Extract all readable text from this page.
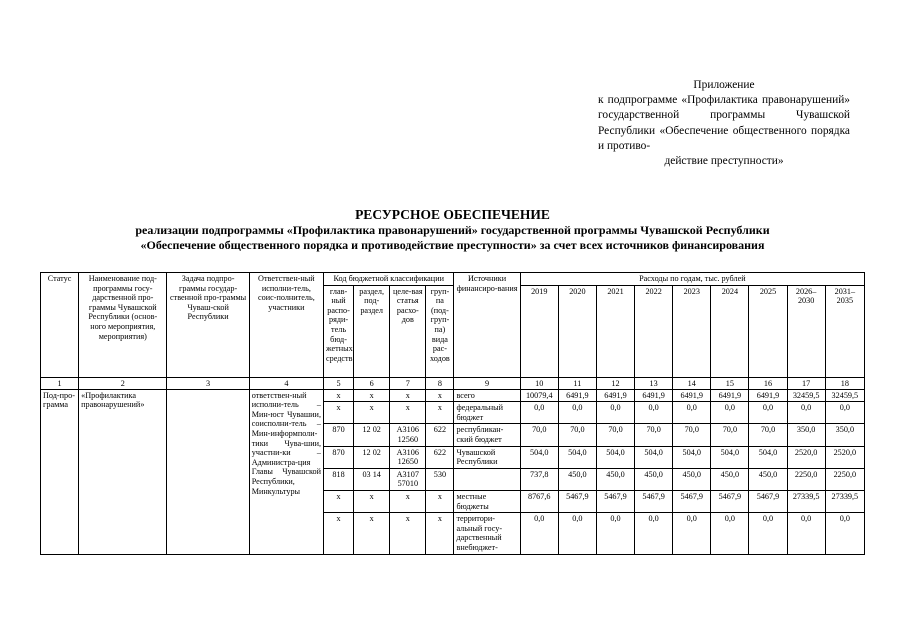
Приложение
к подпрограмме «Профилактика правонарушений» государственной программы Чувашской Республики «Обеспечение общественного порядка и противо-
действие преступности»
РЕСУРСНОЕ ОБЕСПЕЧЕНИЕ
реализации подпрограммы «Профилактика правонарушений» государственной программы Чувашской Республики
«Обеспечение общественного порядка и противодействие преступности» за счет всех источников финансирования
Статус	Наименование под-программы госу-дарственной про-граммы Чувашской Республики (основ-ного мероприятия, мероприятия)	Задача подпро-граммы государ-ственной про-граммы Чуваш-ской Республики	Ответствен-ный исполни-тель, соис-полнитель, участники	Код бюджетной классификации				Источники финансиро-вания	Расходы по годам, тыс. рублей								
				глав-ный распо-ряди-тель бюд-жетных средств	раздел, под-раздел	целе-вая статья расхо-дов	груп-па (под-груп-па) вида рас-ходов		2019	2020	2021	2022	2023	2024	2025	2026–2030	2031–2035
1	2	3	4	5	6	7	8	9	10	11	12	13	14	15	16	17	18
Под-про-грамма	«Профилактика правонарушений»		ответствен-ный исполни-тель – Мин-юст Чувашии, соисполни-тель – Мин-информполи-тики Чува-шии, участни-ки – Администра-ция Главы Чувашской Республики, Минкультуры	x	x	x	x	всего	10079,4	6491,9	6491,9	6491,9	6491,9	6491,9	6491,9	32459,5	32459,5
				x	x	x	x	федеральный бюджет	0,0	0,0	0,0	0,0	0,0	0,0	0,0	0,0	0,0
				870	12 02	А3106 12560	622	республикан-ский бюджет	70,0	70,0	70,0	70,0	70,0	70,0	70,0	350,0	350,0
				870	12 02	А3106 12650	622	Чувашской Республики	504,0	504,0	504,0	504,0	504,0	504,0	504,0	2520,0	2520,0
				818	03 14	А3107 57010	530		737,8	450,0	450,0	450,0	450,0	450,0	450,0	2250,0	2250,0
				x	x	x	x	местные бюджеты	8767,6	5467,9	5467,9	5467,9	5467,9	5467,9	5467,9	27339,5	27339,5
				x	x	x	x	территори-альный госу-дарственный внебюджет-	0,0	0,0	0,0	0,0	0,0	0,0	0,0	0,0	0,0
